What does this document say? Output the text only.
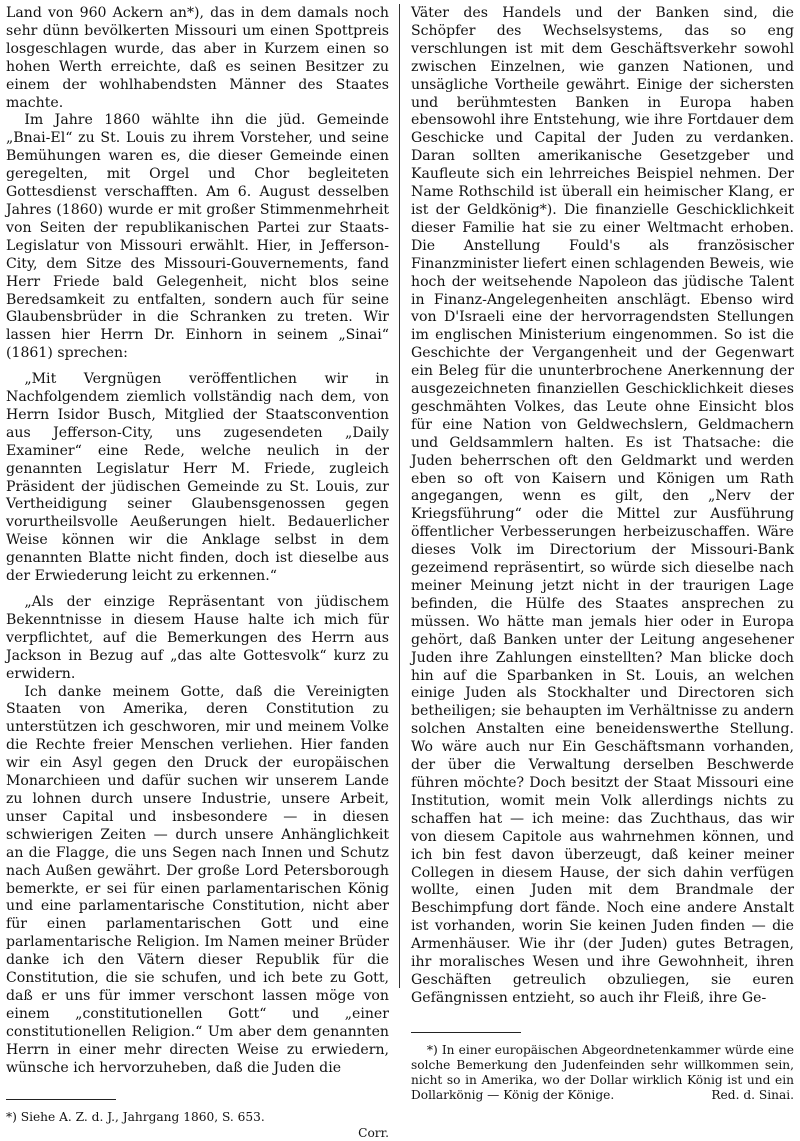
Land von 960 Ackern an*), das in dem damals noch sehr dünn bevölkerten Missouri um einen Spottpreis losgeschlagen wurde, das aber in Kurzem einen so hohen Werth erreichte, daß es seinen Besitzer zu einem der wohlhabendsten Männer des Staates machte.

Im Jahre 1860 wählte ihn die jüd. Gemeinde „Bnai-El“ zu St. Louis zu ihrem Vorsteher, und seine Bemühungen waren es, die dieser Gemeinde einen geregelten, mit Orgel und Chor begleiteten Gottesdienst verschafften. Am 6. August desselben Jahres (1860) wurde er mit großer Stimmenmehrheit von Seiten der republikanischen Partei zur Staats-Legislatur von Missouri erwählt. Hier, in Jefferson-City, dem Sitze des Missouri-Gouvernements, fand Herr Friede bald Gelegenheit, nicht blos seine Beredsamkeit zu entfalten, sondern auch für seine Glaubensbrüder in die Schranken zu treten. Wir lassen hier Herrn Dr. Einhorn in seinem „Sinai“ (1861) sprechen:

„Mit Vergnügen veröffentlichen wir in Nachfolgendem ziemlich vollständig nach dem, von Herrn Isidor Busch, Mitglied der Staatsconvention aus Jefferson-City, uns zugesendeten „Daily Examiner“ eine Rede, welche neulich in der genannten Legislatur Herr M. Friede, zugleich Präsident der jüdischen Gemeinde zu St. Louis, zur Vertheidigung seiner Glaubensgenossen gegen vorurtheilsvolle Aeußerungen hielt. Bedauerlicher Weise können wir die Anklage selbst in dem genannten Blatte nicht finden, doch ist dieselbe aus der Erwiederung leicht zu erkennen.“

„Als der einzige Repräsentant von jüdischem Bekenntnisse in diesem Hause halte ich mich für verpflichtet, auf die Bemerkungen des Herrn aus Jackson in Bezug auf „das alte Gottesvolk“ kurz zu erwidern.

Ich danke meinem Gotte, daß die Vereinigten Staaten von Amerika, deren Constitution zu unterstützen ich geschworen, mir und meinem Volke die Rechte freier Menschen verliehen. Hier fanden wir ein Asyl gegen den Druck der europäischen Monarchieen und dafür suchen wir unserem Lande zu lohnen durch unsere Industrie, unsere Arbeit, unser Capital und insbesondere — in diesen schwierigen Zeiten — durch unsere Anhänglichkeit an die Flagge, die uns Segen nach Innen und Schutz nach Außen gewährt. Der große Lord Petersborough bemerkte, er sei für einen parlamentarischen König und eine parlamentarische Constitution, nicht aber für einen parlamentarischen Gott und eine parlamentarische Religion. Im Namen meiner Brüder danke ich den Vätern dieser Republik für die Constitution, die sie schufen, und ich bete zu Gott, daß er uns für immer verschont lassen möge von einem „constitutionellen Gott“ und „einer constitutionellen Religion.“ Um aber dem genannten Herrn in einer mehr directen Weise zu erwiedern, wünsche ich hervorzuheben, daß die Juden die

*) Siehe A. Z. d. J., Jahrgang 1860, S. 653.

Corr.

Väter des Handels und der Banken sind, die Schöpfer des Wechselsystems, das so eng verschlungen ist mit dem Geschäftsverkehr sowohl zwischen Einzelnen, wie ganzen Nationen, und unsägliche Vortheile gewährt. Einige der sichersten und berühmtesten Banken in Europa haben ebensowohl ihre Entstehung, wie ihre Fortdauer dem Geschicke und Capital der Juden zu verdanken. Daran sollten amerikanische Gesetzgeber und Kaufleute sich ein lehrreiches Beispiel nehmen. Der Name Rothschild ist überall ein heimischer Klang, er ist der Geldkönig*). Die finanzielle Geschicklichkeit dieser Familie hat sie zu einer Weltmacht erhoben. Die Anstellung Fould's als französischer Finanzminister liefert einen schlagenden Beweis, wie hoch der weitsehende Napoleon das jüdische Talent in Finanz-Angelegenheiten anschlägt. Ebenso wird von D'Israeli eine der hervorragendsten Stellungen im englischen Ministerium eingenommen. So ist die Geschichte der Vergangenheit und der Gegenwart ein Beleg für die ununterbrochene Anerkennung der ausgezeichneten finanziellen Geschicklichkeit dieses geschmähten Volkes, das Leute ohne Einsicht blos für eine Nation von Geldwechslern, Geldmachern und Geldsammlern halten. Es ist Thatsache: die Juden beherrschen oft den Geldmarkt und werden eben so oft von Kaisern und Königen um Rath angegangen, wenn es gilt, den „Nerv der Kriegsführung“ oder die Mittel zur Ausführung öffentlicher Verbesserungen herbeizuschaffen. Wäre dieses Volk im Directorium der Missouri-Bank gezeimend repräsentirt, so würde sich dieselbe nach meiner Meinung jetzt nicht in der traurigen Lage befinden, die Hülfe des Staates ansprechen zu müssen. Wo hätte man jemals hier oder in Europa gehört, daß Banken unter der Leitung angesehener Juden ihre Zahlungen einstellten? Man blicke doch hin auf die Sparbanken in St. Louis, an welchen einige Juden als Stockhalter und Directoren sich betheiligen; sie behaupten im Verhältnisse zu andern solchen Anstalten eine beneidenswerthe Stellung. Wo wäre auch nur Ein Geschäftsmann vorhanden, der über die Verwaltung derselben Beschwerde führen möchte? Doch besitzt der Staat Missouri eine Institution, womit mein Volk allerdings nichts zu schaffen hat — ich meine: das Zuchthaus, das wir von diesem Capitole aus wahrnehmen können, und ich bin fest davon überzeugt, daß keiner meiner Collegen in diesem Hause, der sich dahin verfügen wollte, einen Juden mit dem Brandmale der Beschimpfung dort fände. Noch eine andere Anstalt ist vorhanden, worin Sie keinen Juden finden — die Armenhäuser. Wie ihr (der Juden) gutes Betragen, ihr moralisches Wesen und ihre Gewohnheit, ihren Geschäften getreulich obzuliegen, sie euren Gefängnissen entzieht, so auch ihr Fleiß, ihre Ge-

*) In einer europäischen Abgeordnetenkammer würde eine solche Bemerkung den Judenfeinden sehr willkommen sein, nicht so in Amerika, wo der Dollar wirklich König ist und ein Dollarkönig — König der Könige.	Red. d. Sinai.
